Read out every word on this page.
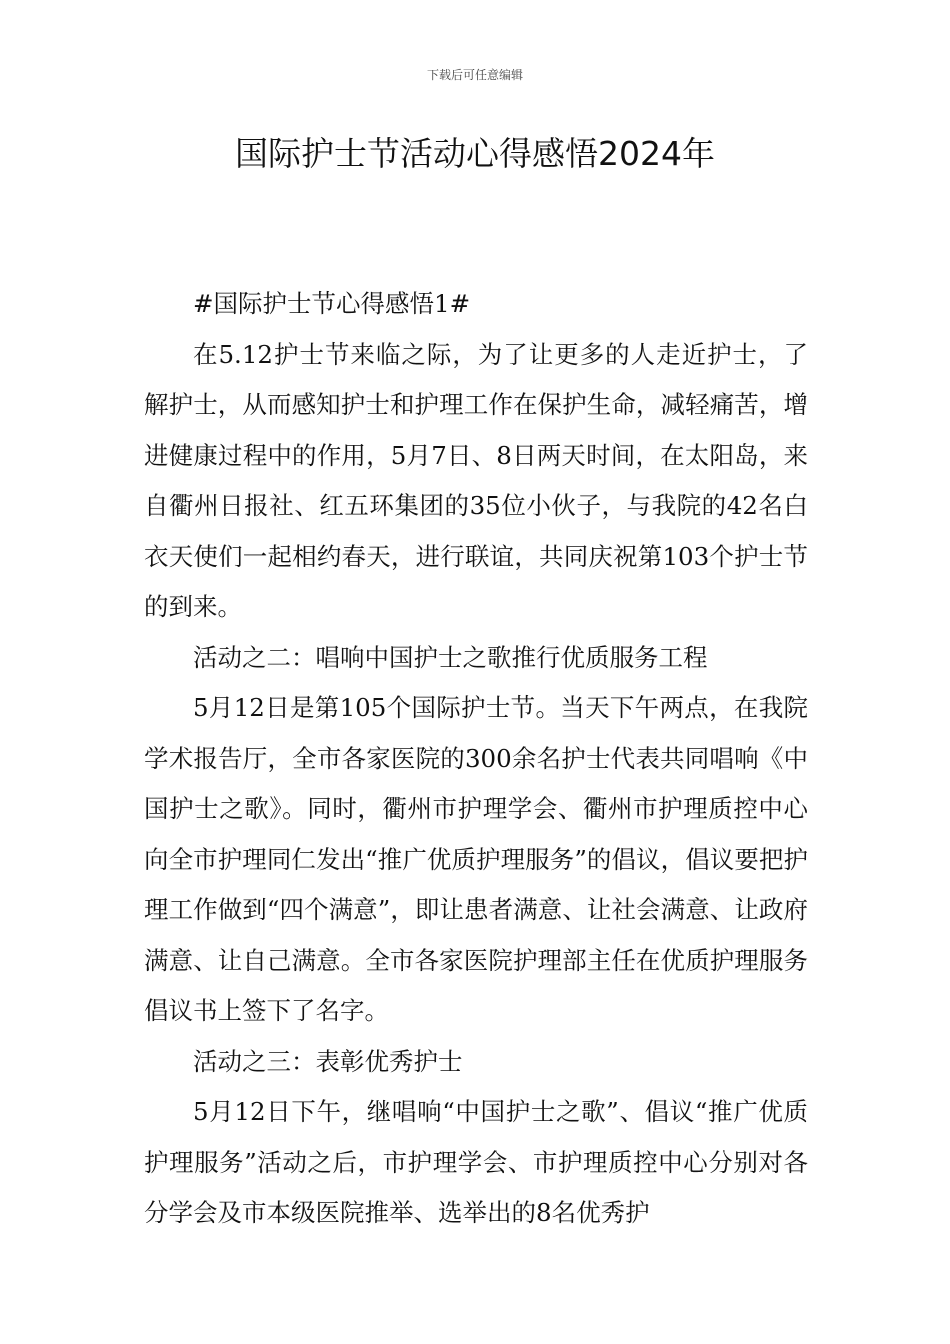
下载后可任意编辑
国际护士节活动心得感悟2024年

#国际护士节心得感悟1#

在5.12护士节来临之际，为了让更多的人走近护士，了解护士，从而感知护士和护理工作在保护生命，减轻痛苦，增进健康过程中的作用，5月7日、8日两天时间，在太阳岛，来自衢州日报社、红五环集团的35位小伙子，与我院的42名白衣天使们一起相约春天，进行联谊，共同庆祝第103个护士节的到来。

活动之二：唱响中国护士之歌推行优质服务工程

5月12日是第105个国际护士节。当天下午两点，在我院学术报告厅，全市各家医院的300余名护士代表共同唱响《中国护士之歌》。同时，衢州市护理学会、衢州市护理质控中心向全市护理同仁发出“推广优质护理服务”的倡议，倡议要把护理工作做到“四个满意”，即让患者满意、让社会满意、让政府满意、让自己满意。全市各家医院护理部主任在优质护理服务倡议书上签下了名字。

活动之三：表彰优秀护士

5月12日下午，继唱响“中国护士之歌”、倡议“推广优质护理服务”活动之后，市护理学会、市护理质控中心分别对各分学会及市本级医院推举、选举出的8名优秀护
